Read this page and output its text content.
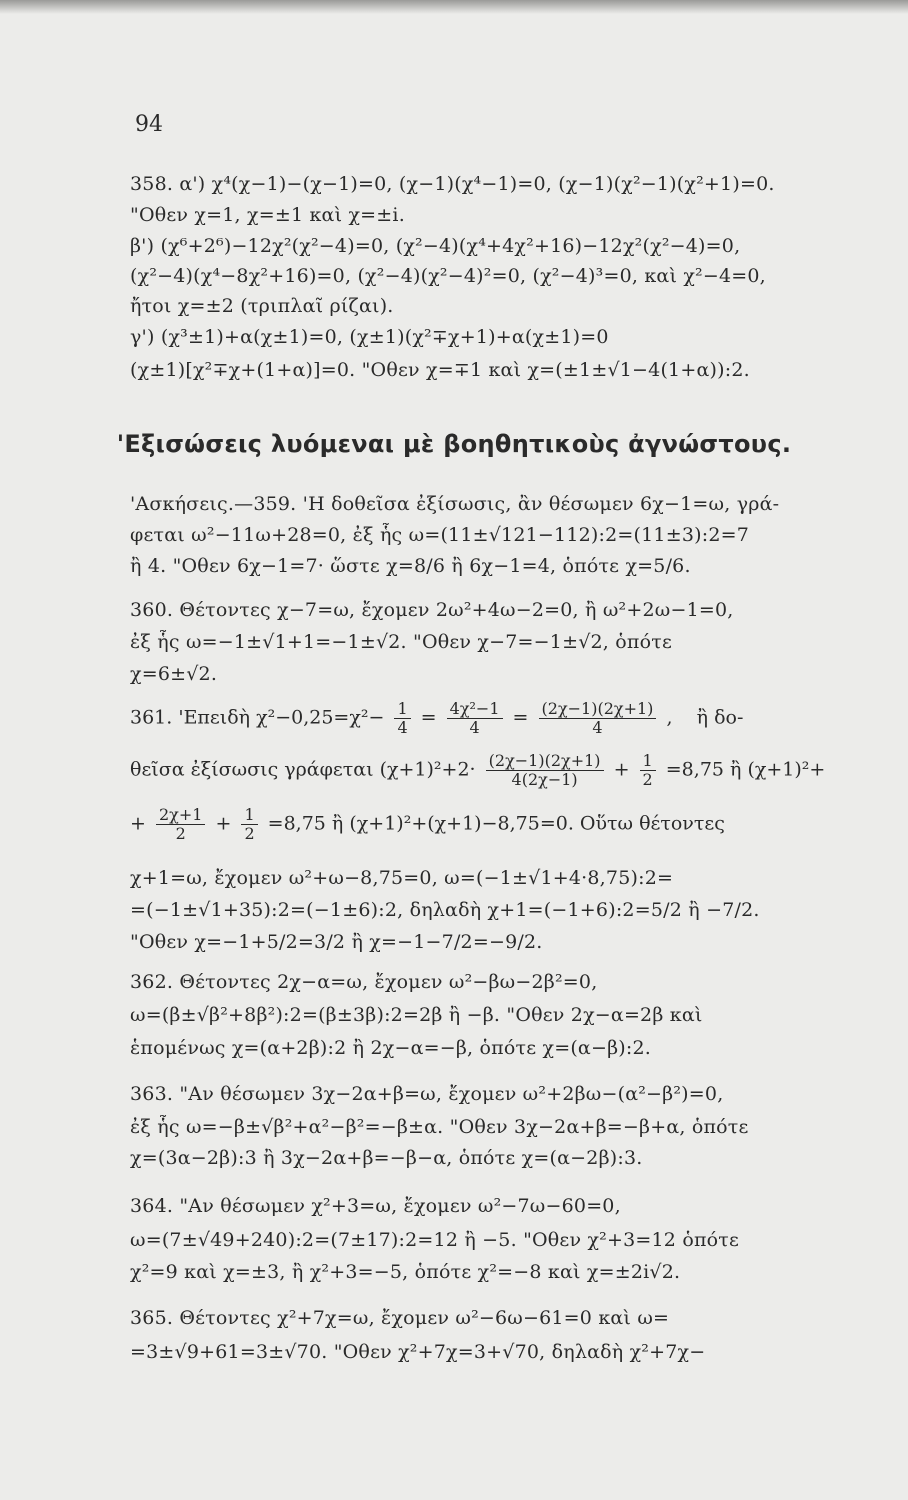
94
358. α') χ⁴(χ−1)−(χ−1)=0, (χ−1)(χ⁴−1)=0, (χ−1)(χ²−1)(χ²+1)=0.
"Οθεν χ=1, χ=±1 καὶ χ=±i.
β') (χ⁶+2⁶)−12χ²(χ²−4)=0, (χ²−4)(χ⁴+4χ²+16)−12χ²(χ²−4)=0,
(χ²−4)(χ⁴−8χ²+16)=0, (χ²−4)(χ²−4)²=0, (χ²−4)³=0, καὶ χ²−4=0,
ἤτοι χ=±2 (τριπλαῖ ρίζαι).
γ') (χ³±1)+α(χ±1)=0, (χ±1)(χ²∓χ+1)+α(χ±1)=0
(χ±1)[χ²∓χ+(1+α)]=0. "Οθεν χ=∓1 καὶ χ=(±1±√1−4(1+α)):2.
'Εξισώσεις λυόμεναι μὲ βοηθητικοὺς ἀγνώστους.
'Ασκήσεις.—359. 'Η δοθεῖσα ἐξίσωσις, ἂν θέσωμεν 6χ−1=ω, γρά-
φεται ω²−11ω+28=0, ἐξ ἧς ω=(11±√121−112):2=(11±3):2=7
ἢ 4. "Οθεν 6χ−1=7· ὥστε χ=8/6 ἢ 6χ−1=4, ὁπότε χ=5/6.
360. Θέτοντες χ−7=ω, ἔχομεν 2ω²+4ω−2=0, ἢ ω²+2ω−1=0,
ἐξ ἧς ω=−1±√1+1=−1±√2. "Οθεν χ−7=−1±√2, ὁπότε
χ=6±√2.
361. 'Επειδὴ $\chi^2-0,25=\chi^2- \frac{1}{4} = \frac{\text{4χ²−1}}{4} = \frac{(2\chi-1)(2\chi+1)}{4}$ ,    ἢ δο-
θεῖσα ἐξίσωσις γράφεται $(\chi+1)^2+2\cdot \frac{(2\chi-1)(2\chi+1)}{4(2\chi-1)} + \frac{1}{2} =8,75$ ἢ (χ+1)²+
+ $\frac{2\chi+1}{2} + \frac{1}{2} =8,75$ ἢ (χ+1)²+(χ+1)−8,75=0. Οὕτω θέτοντες
χ+1=ω, ἔχομεν ω²+ω−8,75=0, ω=(−1±√1+4·8,75):2=
=(−1±√1+35):2=(−1±6):2, δηλαδὴ χ+1=(−1+6):2=5/2 ἢ −7/2.
"Οθεν χ=−1+5/2=3/2 ἢ χ=−1−7/2=−9/2.
362. Θέτοντες 2χ−α=ω, ἔχομεν ω²−βω−2β²=0,
ω=(β±√β²+8β²):2=(β±3β):2=2β ἢ −β. "Οθεν 2χ−α=2β καὶ
ἑπομένως χ=(α+2β):2 ἢ 2χ−α=−β, ὁπότε χ=(α−β):2.
363. "Αν θέσωμεν 3χ−2α+β=ω, ἔχομεν ω²+2βω−(α²−β²)=0,
ἐξ ἧς ω=−β±√β²+α²−β²=−β±α. "Οθεν 3χ−2α+β=−β+α, ὁπότε
χ=(3α−2β):3 ἢ 3χ−2α+β=−β−α, ὁπότε χ=(α−2β):3.
364. "Αν θέσωμεν χ²+3=ω, ἔχομεν ω²−7ω−60=0,
ω=(7±√49+240):2=(7±17):2=12 ἢ −5. "Οθεν χ²+3=12 ὁπότε
χ²=9 καὶ χ=±3, ἢ χ²+3=−5, ὁπότε χ²=−8 καὶ χ=±2i√2.
365. Θέτοντες χ²+7χ=ω, ἔχομεν ω²−6ω−61=0 καὶ ω=
=3±√9+61=3±√70. "Οθεν χ²+7χ=3+√70, δηλαδὴ χ²+7χ−
